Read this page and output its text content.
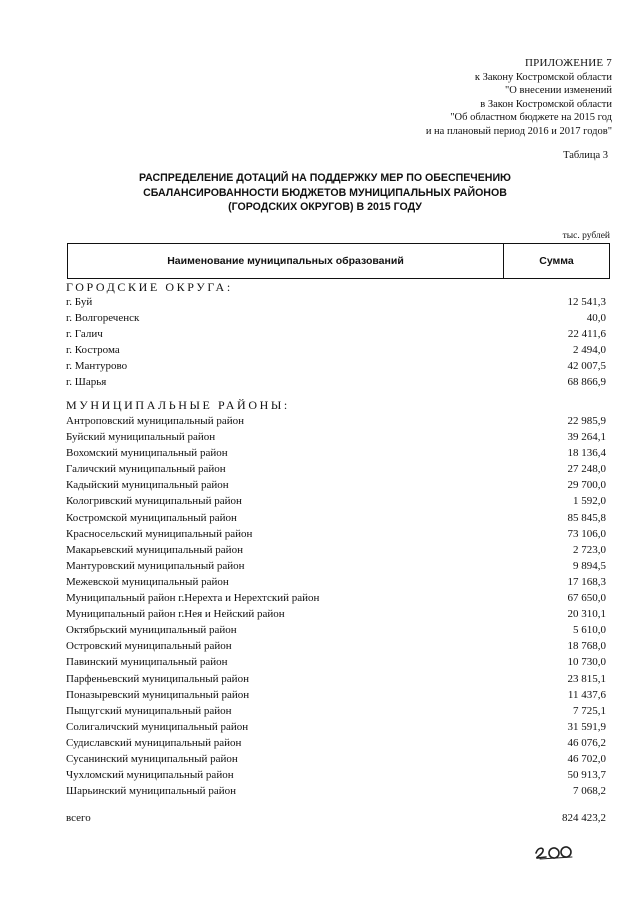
ПРИЛОЖЕНИЕ 7
к Закону Костромской области
"О внесении изменений
в Закон Костромской области
"Об областном бюджете на 2015 год
и на плановый период 2016 и 2017 годов"
Таблица 3
РАСПРЕДЕЛЕНИЕ ДОТАЦИЙ НА ПОДДЕРЖКУ МЕР ПО ОБЕСПЕЧЕНИЮ
СБАЛАНСИРОВАННОСТИ БЮДЖЕТОВ МУНИЦИПАЛЬНЫХ РАЙОНОВ
(ГОРОДСКИХ ОКРУГОВ) В 2015 ГОДУ
тыс. рублей
Наименование муниципальных образований	Сумма
ГОРОДСКИЕ ОКРУГА:
г. Буй	12 541,3
г. Волгореченск	40,0
г. Галич	22 411,6
г. Кострома	2 494,0
г. Мантурово	42 007,5
г. Шарья	68 866,9
МУНИЦИПАЛЬНЫЕ РАЙОНЫ:
Антроповский муниципальный район	22 985,9
Буйский муниципальный район	39 264,1
Вохомский муниципальный район	18 136,4
Галичский муниципальный район	27 248,0
Кадыйский муниципальный район	29 700,0
Кологривский муниципальный район	1 592,0
Костромской муниципальный район	85 845,8
Красносельский муниципальный район	73 106,0
Макарьевский муниципальный район	2 723,0
Мантуровский муниципальный район	9 894,5
Межевской муниципальный район	17 168,3
Муниципальный район г.Нерехта и Нерехтский район	67 650,0
Муниципальный район г.Нея и Нейский район	20 310,1
Октябрьский муниципальный район	5 610,0
Островский муниципальный район	18 768,0
Павинский муниципальный район	10 730,0
Парфеньевский муниципальный район	23 815,1
Поназыревский муниципальный район	11 437,6
Пыщугский муниципальный район	7 725,1
Солигаличский муниципальный район	31 591,9
Судиславский муниципальный район	46 076,2
Сусанинский муниципальный район	46 702,0
Чухломский муниципальный район	50 913,7
Шарьинский муниципальный район	7 068,2
всего	824 423,2
